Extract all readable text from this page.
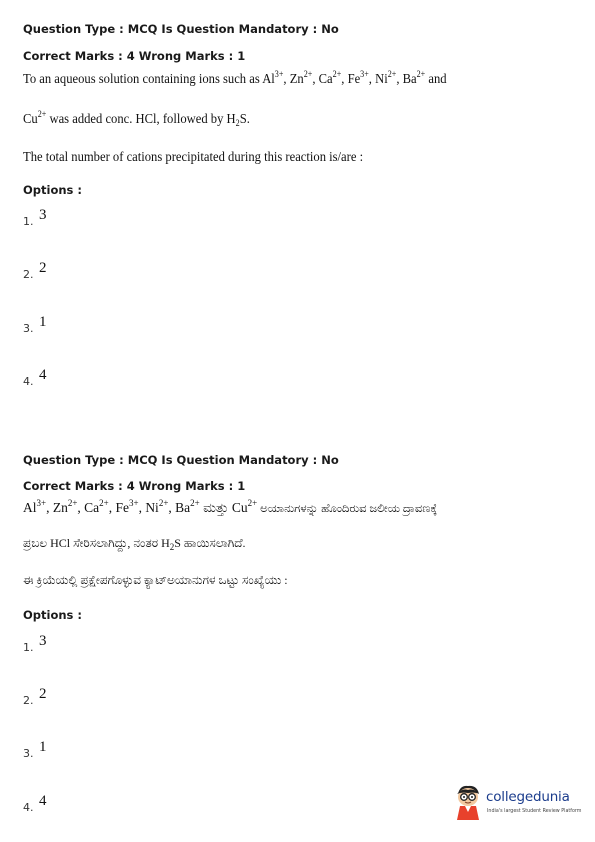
Question Type : MCQ Is Question Mandatory : No
Correct Marks : 4 Wrong Marks : 1
To an aqueous solution containing ions such as $Al^{3+}$, $Zn^{2+}$, $Ca^{2+}$, $Fe^{3+}$, $Ni^{2+}$, $Ba^{2+}$ and
$Cu^{2+}$ was added conc. HCl, followed by $H_2S$.
The total number of cations precipitated during this reaction is/are :
Options :
1. 3
2. 2
3. 1
4. 4
Question Type : MCQ Is Question Mandatory : No
Correct Marks : 4 Wrong Marks : 1
$Al^{3+}$, $Zn^{2+}$, $Ca^{2+}$, $Fe^{3+}$, $Ni^{2+}$, $Ba^{2+}$ ಮತ್ತು $Cu^{2+}$ ಅಯಾನುಗಳನ್ನು ಹೊಂದಿರುವ ಜಲೀಯ ದ್ರಾವಣಕ್ಕೆ
ಪ್ರಬಲ HCl ಸೇರಿಸಲಾಗಿದ್ದು, ನಂತರ $H_2S$ ಹಾಯಿಸಲಾಗಿದೆ.
ಈ ಕ್ರಿಯೆಯಲ್ಲಿ ಪ್ರಕ್ಷೇಪಗೊಳ್ಳುವ ಕ್ಯಾಟ್‌ಅಯಾನುಗಳ ಒಟ್ಟು ಸಂಖ್ಯೆಯು :
Options :
1. 3
2. 2
3. 1
4. 4	collegedunia
India's largest Student Review Platform
